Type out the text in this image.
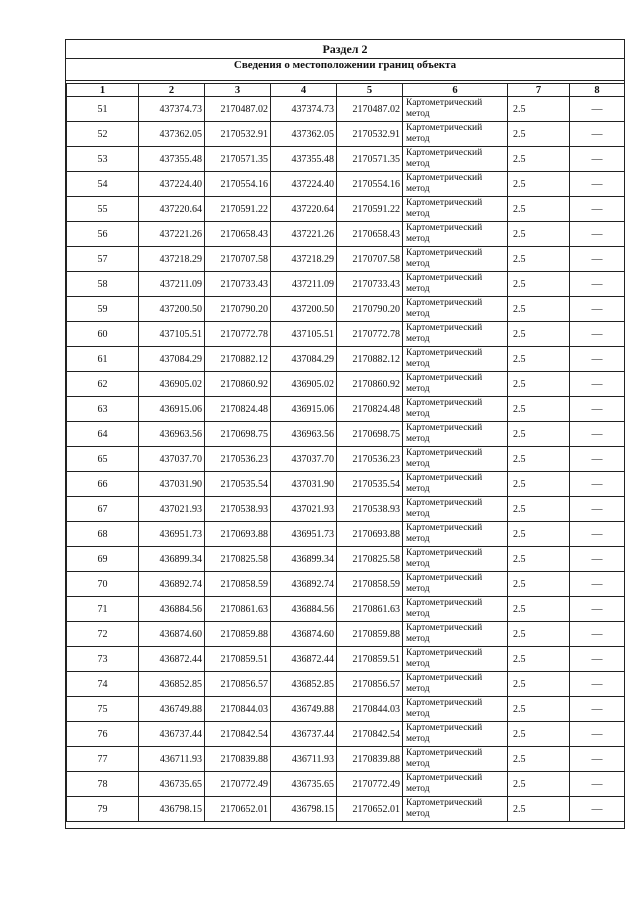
Раздел 2
Сведения о местоположении границ объекта
1	2	3	4	5	6	7	8
51	437374.73	2170487.02	437374.73	2170487.02	Картометрический метод	2.5	—
52	437362.05	2170532.91	437362.05	2170532.91	Картометрический метод	2.5	—
53	437355.48	2170571.35	437355.48	2170571.35	Картометрический метод	2.5	—
54	437224.40	2170554.16	437224.40	2170554.16	Картометрический метод	2.5	—
55	437220.64	2170591.22	437220.64	2170591.22	Картометрический метод	2.5	—
56	437221.26	2170658.43	437221.26	2170658.43	Картометрический метод	2.5	—
57	437218.29	2170707.58	437218.29	2170707.58	Картометрический метод	2.5	—
58	437211.09	2170733.43	437211.09	2170733.43	Картометрический метод	2.5	—
59	437200.50	2170790.20	437200.50	2170790.20	Картометрический метод	2.5	—
60	437105.51	2170772.78	437105.51	2170772.78	Картометрический метод	2.5	—
61	437084.29	2170882.12	437084.29	2170882.12	Картометрический метод	2.5	—
62	436905.02	2170860.92	436905.02	2170860.92	Картометрический метод	2.5	—
63	436915.06	2170824.48	436915.06	2170824.48	Картометрический метод	2.5	—
64	436963.56	2170698.75	436963.56	2170698.75	Картометрический метод	2.5	—
65	437037.70	2170536.23	437037.70	2170536.23	Картометрический метод	2.5	—
66	437031.90	2170535.54	437031.90	2170535.54	Картометрический метод	2.5	—
67	437021.93	2170538.93	437021.93	2170538.93	Картометрический метод	2.5	—
68	436951.73	2170693.88	436951.73	2170693.88	Картометрический метод	2.5	—
69	436899.34	2170825.58	436899.34	2170825.58	Картометрический метод	2.5	—
70	436892.74	2170858.59	436892.74	2170858.59	Картометрический метод	2.5	—
71	436884.56	2170861.63	436884.56	2170861.63	Картометрический метод	2.5	—
72	436874.60	2170859.88	436874.60	2170859.88	Картометрический метод	2.5	—
73	436872.44	2170859.51	436872.44	2170859.51	Картометрический метод	2.5	—
74	436852.85	2170856.57	436852.85	2170856.57	Картометрический метод	2.5	—
75	436749.88	2170844.03	436749.88	2170844.03	Картометрический метод	2.5	—
76	436737.44	2170842.54	436737.44	2170842.54	Картометрический метод	2.5	—
77	436711.93	2170839.88	436711.93	2170839.88	Картометрический метод	2.5	—
78	436735.65	2170772.49	436735.65	2170772.49	Картометрический метод	2.5	—
79	436798.15	2170652.01	436798.15	2170652.01	Картометрический метод	2.5	—
